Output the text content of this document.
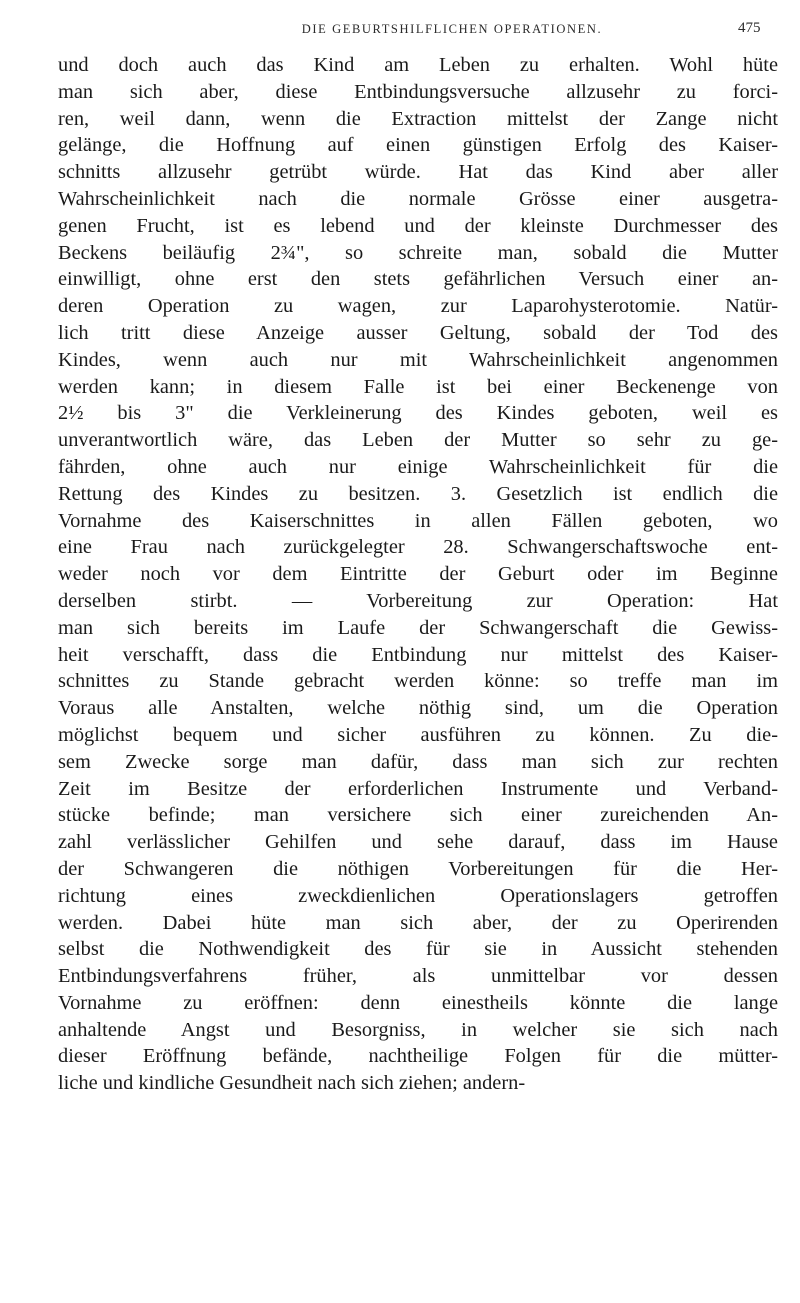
DIE GEBURTSHILFLICHEN OPERATIONEN.	475
und doch auch das Kind am Leben zu erhalten. Wohl hüte
man sich aber, diese Entbindungsversuche allzusehr zu forci-
ren, weil dann, wenn die Extraction mittelst der Zange nicht
gelänge, die Hoffnung auf einen günstigen Erfolg des Kaiser-
schnitts allzusehr getrübt würde. Hat das Kind aber aller
Wahrscheinlichkeit nach die normale Grösse einer ausgetra-
genen Frucht, ist es lebend und der kleinste Durchmesser des
Beckens beiläufig 2¾", so schreite man, sobald die Mutter
einwilligt, ohne erst den stets gefährlichen Versuch einer an-
deren Operation zu wagen, zur Laparohysterotomie. Natür-
lich tritt diese Anzeige ausser Geltung, sobald der Tod des
Kindes, wenn auch nur mit Wahrscheinlichkeit angenommen
werden kann; in diesem Falle ist bei einer Beckenenge von
2½ bis 3" die Verkleinerung des Kindes geboten, weil es
unverantwortlich wäre, das Leben der Mutter so sehr zu ge-
fährden, ohne auch nur einige Wahrscheinlichkeit für die
Rettung des Kindes zu besitzen. 3. Gesetzlich ist endlich die
Vornahme des Kaiserschnittes in allen Fällen geboten, wo
eine Frau nach zurückgelegter 28. Schwangerschaftswoche ent-
weder noch vor dem Eintritte der Geburt oder im Beginne
derselben stirbt. — Vorbereitung zur Operation: Hat
man sich bereits im Laufe der Schwangerschaft die Gewiss-
heit verschafft, dass die Entbindung nur mittelst des Kaiser-
schnittes zu Stande gebracht werden könne: so treffe man im
Voraus alle Anstalten, welche nöthig sind, um die Operation
möglichst bequem und sicher ausführen zu können. Zu die-
sem Zwecke sorge man dafür, dass man sich zur rechten
Zeit im Besitze der erforderlichen Instrumente und Verband-
stücke befinde; man versichere sich einer zureichenden An-
zahl verlässlicher Gehilfen und sehe darauf, dass im Hause
der Schwangeren die nöthigen Vorbereitungen für die Her-
richtung eines zweckdienlichen Operationslagers getroffen
werden. Dabei hüte man sich aber, der zu Operirenden
selbst die Nothwendigkeit des für sie in Aussicht stehenden
Entbindungsverfahrens früher, als unmittelbar vor dessen
Vornahme zu eröffnen: denn einestheils könnte die lange
anhaltende Angst und Besorgniss, in welcher sie sich nach
dieser Eröffnung befände, nachtheilige Folgen für die mütter-
liche und kindliche Gesundheit nach sich ziehen; andern-
